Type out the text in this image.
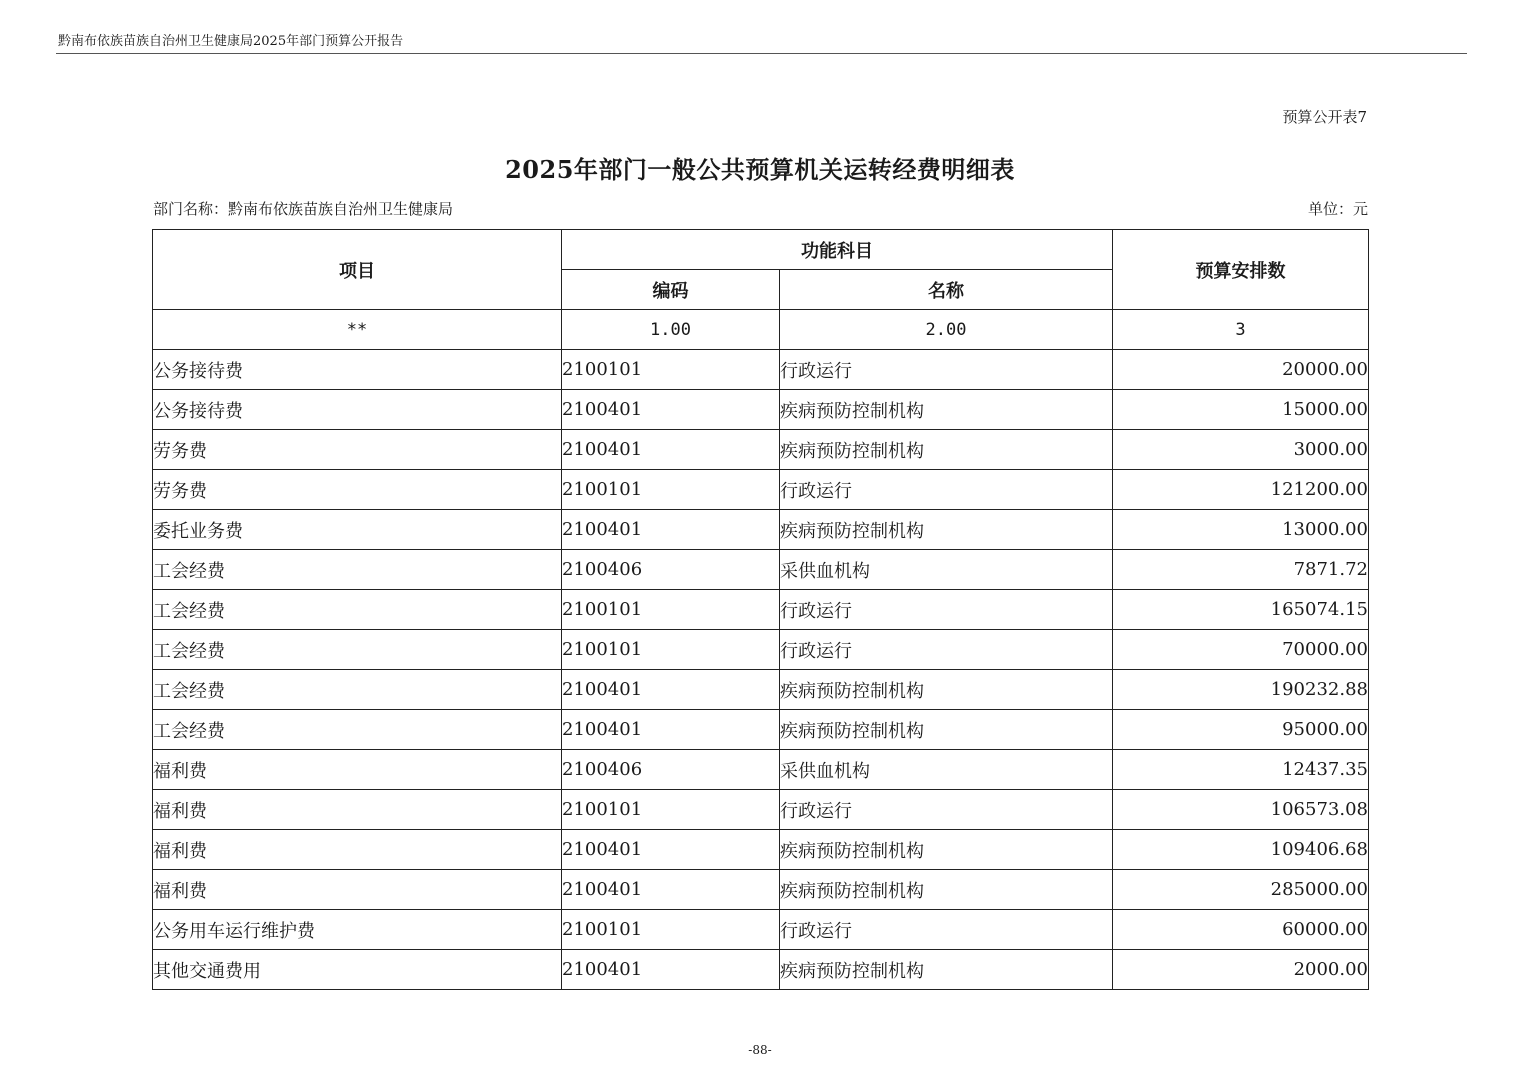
黔南布依族苗族自治州卫生健康局2025年部门预算公开报告
预算公开表7
2025年部门一般公共预算机关运转经费明细表
部门名称：黔南布依族苗族自治州卫生健康局	单位：元
项目	功能科目		预算安排数
	编码	名称	
**	1.00	2.00	3
公务接待费	2100101	行政运行	20000.00
公务接待费	2100401	疾病预防控制机构	15000.00
劳务费	2100401	疾病预防控制机构	3000.00
劳务费	2100101	行政运行	121200.00
委托业务费	2100401	疾病预防控制机构	13000.00
工会经费	2100406	采供血机构	7871.72
工会经费	2100101	行政运行	165074.15
工会经费	2100101	行政运行	70000.00
工会经费	2100401	疾病预防控制机构	190232.88
工会经费	2100401	疾病预防控制机构	95000.00
福利费	2100406	采供血机构	12437.35
福利费	2100101	行政运行	106573.08
福利费	2100401	疾病预防控制机构	109406.68
福利费	2100401	疾病预防控制机构	285000.00
公务用车运行维护费	2100101	行政运行	60000.00
其他交通费用	2100401	疾病预防控制机构	2000.00
-88-
